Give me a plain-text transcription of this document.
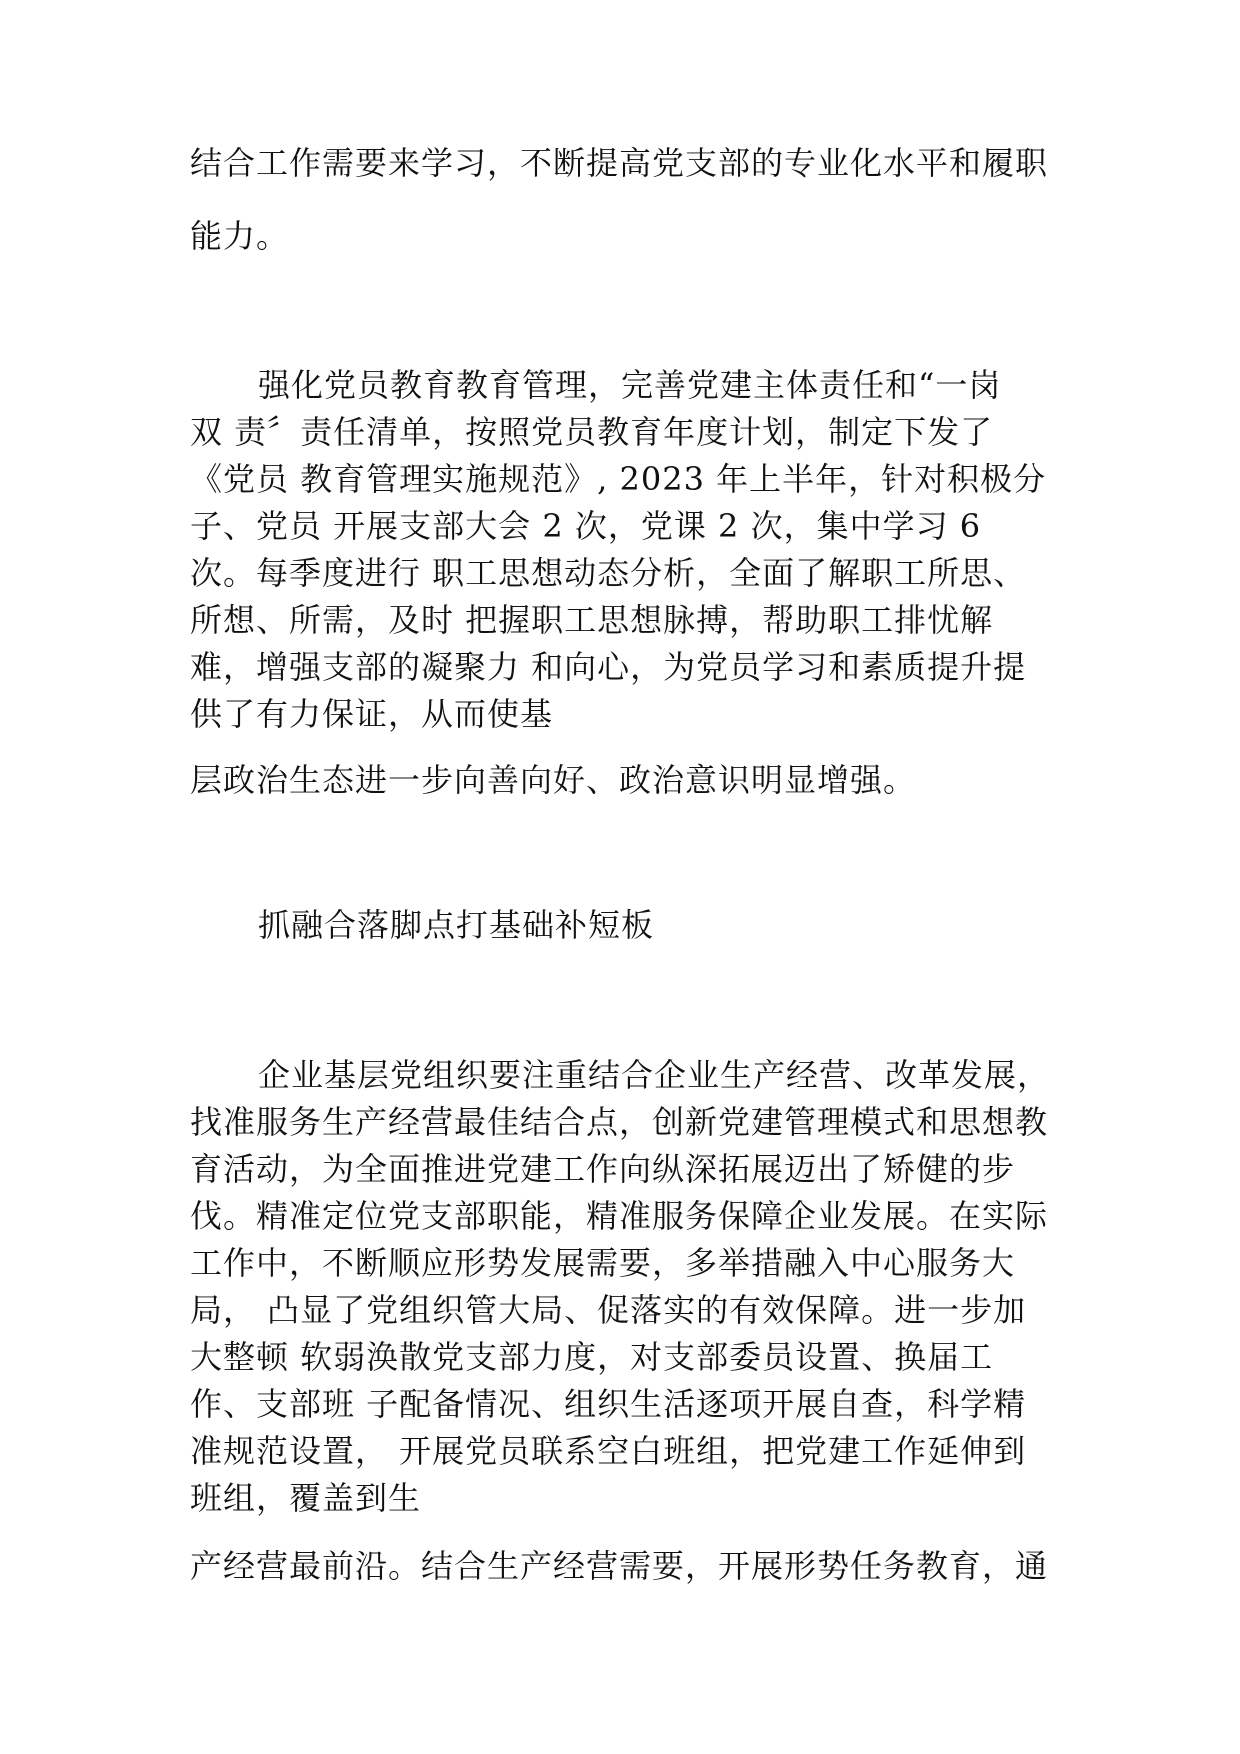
结合工作需要来学习，不断提高党支部的专业化水平和履职
能力。
强化党员教育教育管理，完善党建主体责任和“一岗
双 责〞责任清单，按照党员教育年度计划，制定下发了
《党员 教育管理实施规范》, 2023 年上半年，针对积极分
子、党员 开展支部大会 2 次，党课 2 次，集中学习 6
次。每季度进行 职工思想动态分析，全面了解职工所思、
所想、所需，及时 把握职工思想脉搏，帮助职工排忧解
难，增强支部的凝聚力 和向心，为党员学习和素质提升提
供了有力保证，从而使基
层政治生态进一步向善向好、政治意识明显增强。
抓融合落脚点打基础补短板
企业基层党组织要注重结合企业生产经营、改革发展，
找准服务生产经营最佳结合点，创新党建管理模式和思想教
育活动，为全面推进党建工作向纵深拓展迈出了矫健的步
伐。精准定位党支部职能，精准服务保障企业发展。在实际
工作中，不断顺应形势发展需要，多举措融入中心服务大
局， 凸显了党组织管大局、促落实的有效保障。进一步加
大整顿 软弱涣散党支部力度，对支部委员设置、换届工
作、支部班 子配备情况、组织生活逐项开展自查，科学精
准规范设置， 开展党员联系空白班组，把党建工作延伸到
班组，覆盖到生
产经营最前沿。结合生产经营需要，开展形势任务教育，通
